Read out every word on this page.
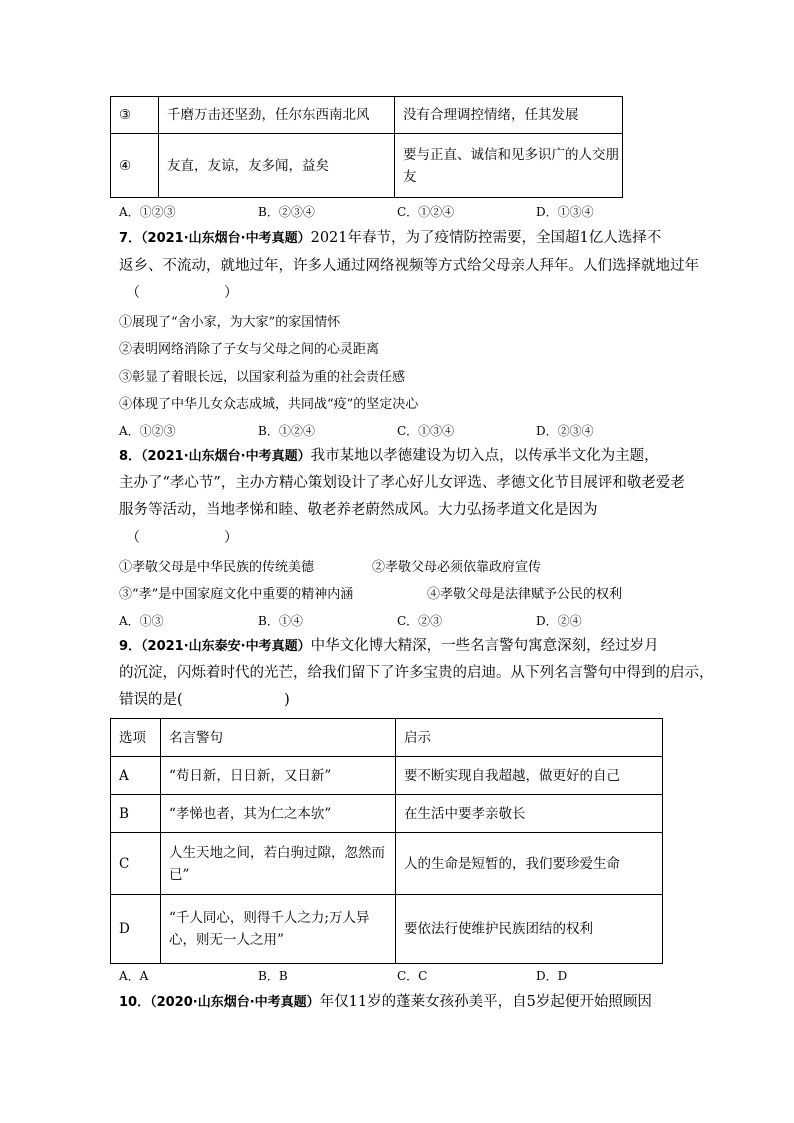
③	千磨万击还坚劲，任尔东西南北风	没有合理调控情绪，任其发展
④	友直，友谅，友多闻，益矣	要与正直、诚信和见多识广的人交朋友
A．①②③	B．②③④	C．①②④	D．①③④
7．（2021·山东烟台·中考真题）2021年春节，为了疫情防控需要，全国超1亿人选择不
返乡、不流动，就地过年，许多人通过网络视频等方式给父母亲人拜年。人们选择就地过年
（　　　　　　）
①展现了“舍小家，为大家”的家国情怀
②表明网络消除了子女与父母之间的心灵距离
③彰显了着眼长远，以国家利益为重的社会责任感
④体现了中华儿女众志成城，共同战“疫”的坚定决心
A．①②③	B．①②④	C．①③④	D．②③④
8．（2021·山东烟台·中考真题）我市某地以孝德建设为切入点，以传承半文化为主题，
主办了“孝心节”，主办方精心策划设计了孝心好儿女评选、孝德文化节目展评和敬老爱老
服务等活动，当地孝悌和睦、敬老养老蔚然成风。大力弘扬孝道文化是因为
（　　　　　　）
①孝敬父母是中华民族的传统美德	②孝敬父母必须依靠政府宣传
③“孝”是中国家庭文化中重要的精神内涵	④孝敬父母是法律赋予公民的权利
A．①③	B．①④	C．②③	D．②④
9．（2021·山东泰安·中考真题）中华文化博大精深，一些名言警句寓意深刻，经过岁月
的沉淀，闪烁着时代的光芒，给我们留下了许多宝贵的启迪。从下列名言警句中得到的启示，
错误的是(　　　　　　　)
选项	名言警句	启示
A	“苟日新，日日新，又日新”	要不断实现自我超越，做更好的自己
B	“孝悌也者，其为仁之本欤”	在生活中要孝亲敬长
C	人生天地之间，若白驹过隙，忽然而已”	人的生命是短暂的，我们要珍爱生命
D	“千人同心，则得千人之力;万人异心，则无一人之用”	要依法行使维护民族团结的权利
A．A	B．B	C．C	D．D
10．（2020·山东烟台·中考真题）年仅11岁的蓬莱女孩孙美平，自5岁起便开始照顾因
